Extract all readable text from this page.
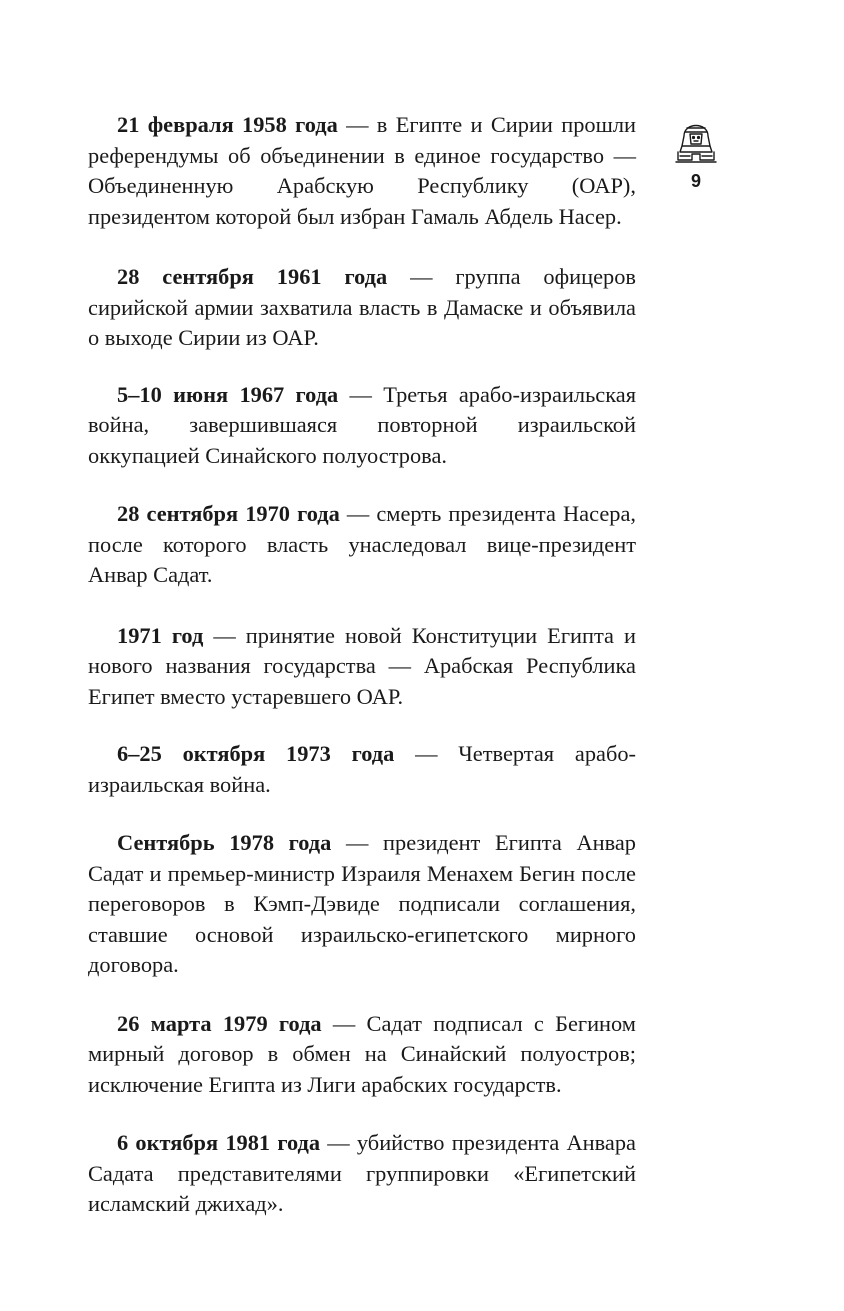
21 февраля 1958 года — в Египте и Сирии прошли референдумы об объединении в единое государство — Объединенную Арабскую Республику (ОАР), президентом которой был избран Гамаль Абдель Насер.

28 сентября 1961 года — группа офицеров сирийской армии захватила власть в Дамаске и объявила о выходе Сирии из ОАР.

5–10 июня 1967 года — Третья арабо-израильская война, завершившаяся повторной израильской оккупацией Синайского полуострова.

28 сентября 1970 года — смерть президента Насера, после которого власть унаследовал вице-президент Анвар Садат.

1971 год — принятие новой Конституции Египта и нового названия государства — Арабская Республика Египет вместо устаревшего ОАР.

6–25 октября 1973 года — Четвертая арабо-израильская война.

Сентябрь 1978 года — президент Египта Анвар Садат и премьер-министр Израиля Менахем Бегин после переговоров в Кэмп-Дэвиде подписали соглашения, ставшие основой израильско-египетского мирного договора.

26 марта 1979 года — Садат подписал с Бегином мирный договор в обмен на Синайский полуостров; исключение Египта из Лиги арабских государств.

6 октября 1981 года — убийство президента Анвара Садата представителями группировки «Египетский исламский джихад».

9
